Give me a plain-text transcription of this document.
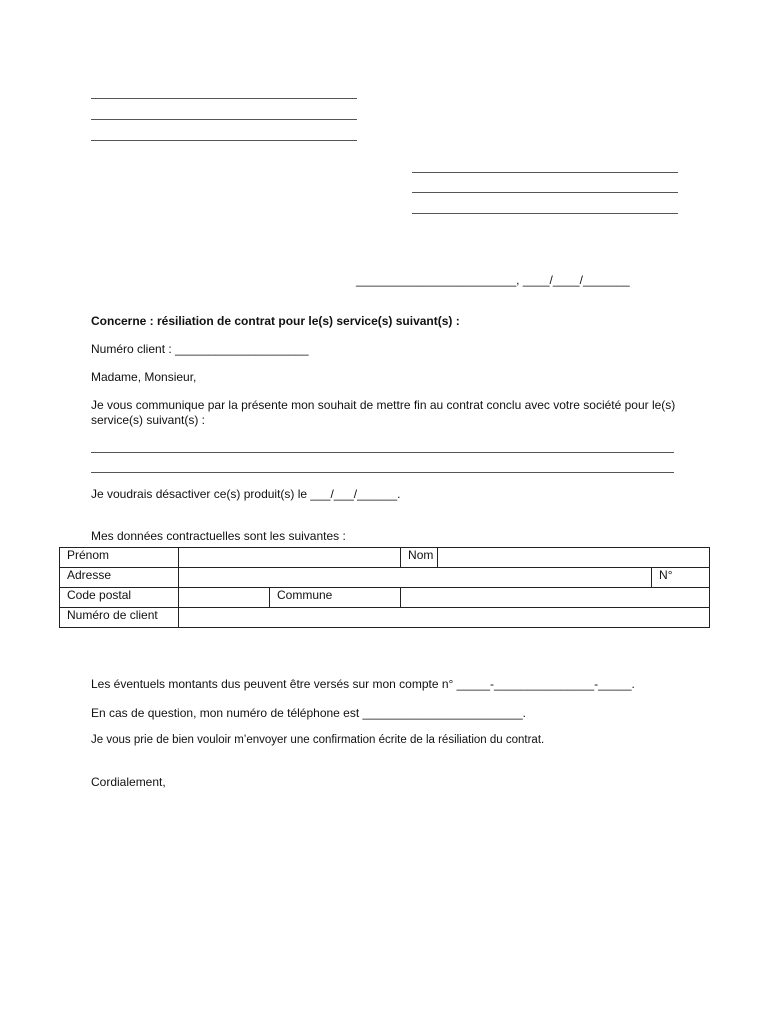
________________________, ____/____/_______
Concerne : résiliation de contrat pour le(s) service(s) suivant(s) :
Numéro client : ____________________
Madame, Monsieur,
Je vous communique par la présente mon souhait de mettre fin au contrat conclu avec votre société pour le(s) service(s) suivant(s) :
Je voudrais désactiver ce(s) produit(s) le ___/___/______.
Mes données contractuelles sont les suivantes :
Prénom			Nom		
Adresse					N°
Code postal		Commune			
Numéro de client					
Les éventuels montants dus peuvent être versés sur mon compte n° _____-_______________-_____.
En cas de question, mon numéro de téléphone est ________________________.
Je vous prie de bien vouloir m’envoyer une confirmation écrite de la résiliation du contrat.
Cordialement,
